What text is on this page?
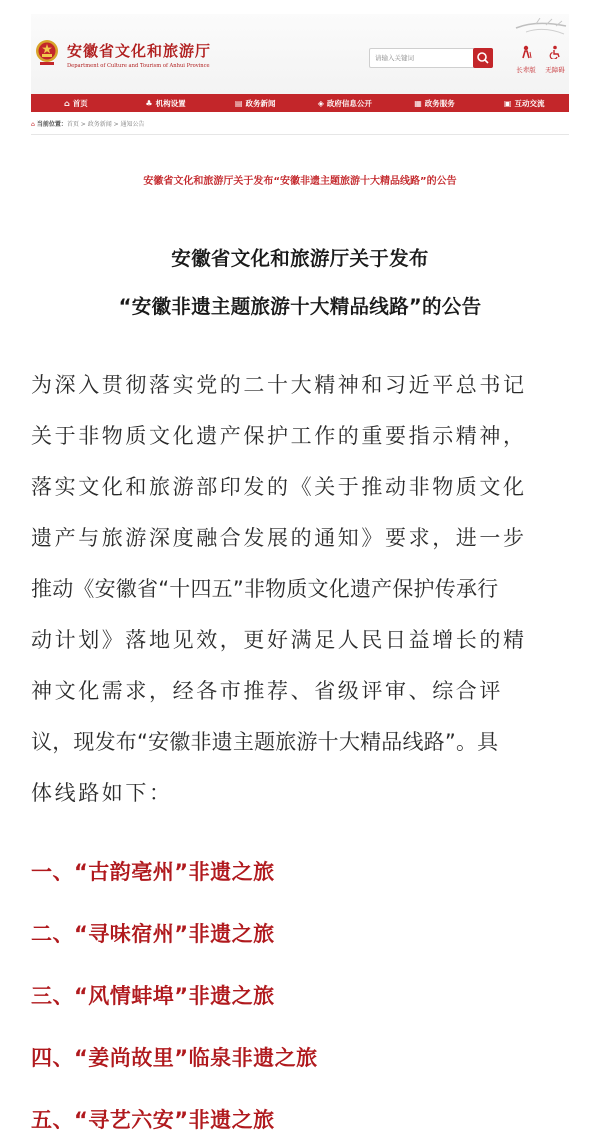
安徽省文化和旅游厅
Department of Culture and Tourism of Anhui Province
请输入关键词
长辈版	无障碍
⌂ 首页	♣ 机构设置	▤ 政务新闻	◈ 政府信息公开	▦ 政务服务	▣ 互动交流
⌂ 当前位置：首页 > 政务新闻 > 通知公告
安徽省文化和旅游厅关于发布“安徽非遗主题旅游十大精品线路”的公告
安徽省文化和旅游厅关于发布
“安徽非遗主题旅游十大精品线路”的公告
为深入贯彻落实党的二十大精神和习近平总书记
关于非物质文化遗产保护工作的重要指示精神，
落实文化和旅游部印发的《关于推动非物质文化
遗产与旅游深度融合发展的通知》要求，进一步
推动《安徽省“十四五”非物质文化遗产保护传承行
动计划》落地见效，更好满足人民日益增长的精
神文化需求，经各市推荐、省级评审、综合评
议，现发布“安徽非遗主题旅游十大精品线路”。具
体线路如下：
一、“古韵亳州”非遗之旅
二、“寻味宿州”非遗之旅
三、“风情蚌埠”非遗之旅
四、“姜尚故里”临泉非遗之旅
五、“寻艺六安”非遗之旅
